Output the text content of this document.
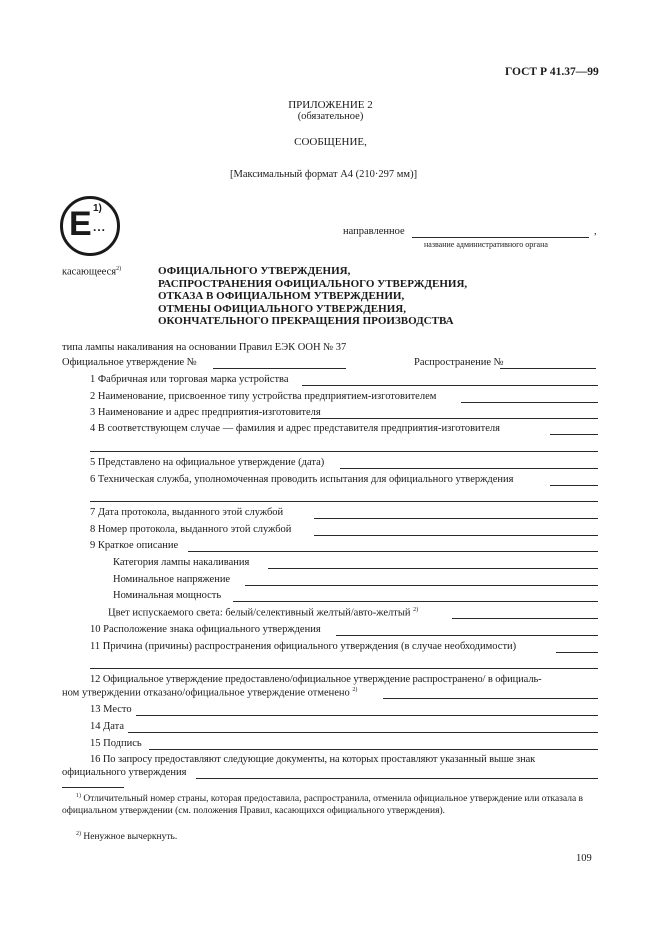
ГОСТ Р 41.37—99
ПРИЛОЖЕНИЕ 2
(обязательное)
СООБЩЕНИЕ,
[Максимальный формат А4 (210·297 мм)]
E 1)
...	направленное	,
название административного органа
касающееся$^{2)}$	ОФИЦИАЛЬНОГО УТВЕРЖДЕНИЯ,
РАСПРОСТРАНЕНИЯ ОФИЦИАЛЬНОГО УТВЕРЖДЕНИЯ,
ОТКАЗА В ОФИЦИАЛЬНОМ УТВЕРЖДЕНИИ,
ОТМЕНЫ ОФИЦИАЛЬНОГО УТВЕРЖДЕНИЯ,
ОКОНЧАТЕЛЬНОГО ПРЕКРАЩЕНИЯ ПРОИЗВОДСТВА
типа лампы накаливания на основании Правил ЕЭК ООН № 37
Официальное утверждение №	Распространение №
1 Фабричная или торговая марка устройства
2 Наименование, присвоенное типу устройства предприятием-изготовителем
3 Наименование и адрес предприятия-изготовителя
4 В соответствующем случае — фамилия и адрес представителя предприятия-изготовителя
5 Представлено на официальное утверждение (дата)
6 Техническая служба, уполномоченная проводить испытания для официального утверждения
7 Дата протокола, выданного этой службой
8 Номер протокола, выданного этой службой
9 Краткое описание
Категория лампы накаливания
Номинальное напряжение
Номинальная мощность
Цвет испускаемого света: белый/селективный желтый/авто-желтый $^{2)}$
10 Расположение знака официального утверждения
11 Причина (причины) распространения официального утверждения (в случае необходимости)
12 Официальное утверждение предоставлено/официальное утверждение распространено/ в официаль-
ном утверждении отказано/официальное утверждение отменено $^{2)}$
13 Место
14 Дата
15 Подпись
16 По запросу предоставляют следующие документы, на которых проставляют указанный выше знак
официального утверждения
$^{1)}$ Отличительный номер страны, которая предоставила, распространила, отменила официальное утверждение или отказала в официальном утверждении (см. положения Правил, касающихся официального утверждения).
$^{2)}$ Ненужное вычеркнуть.
109
